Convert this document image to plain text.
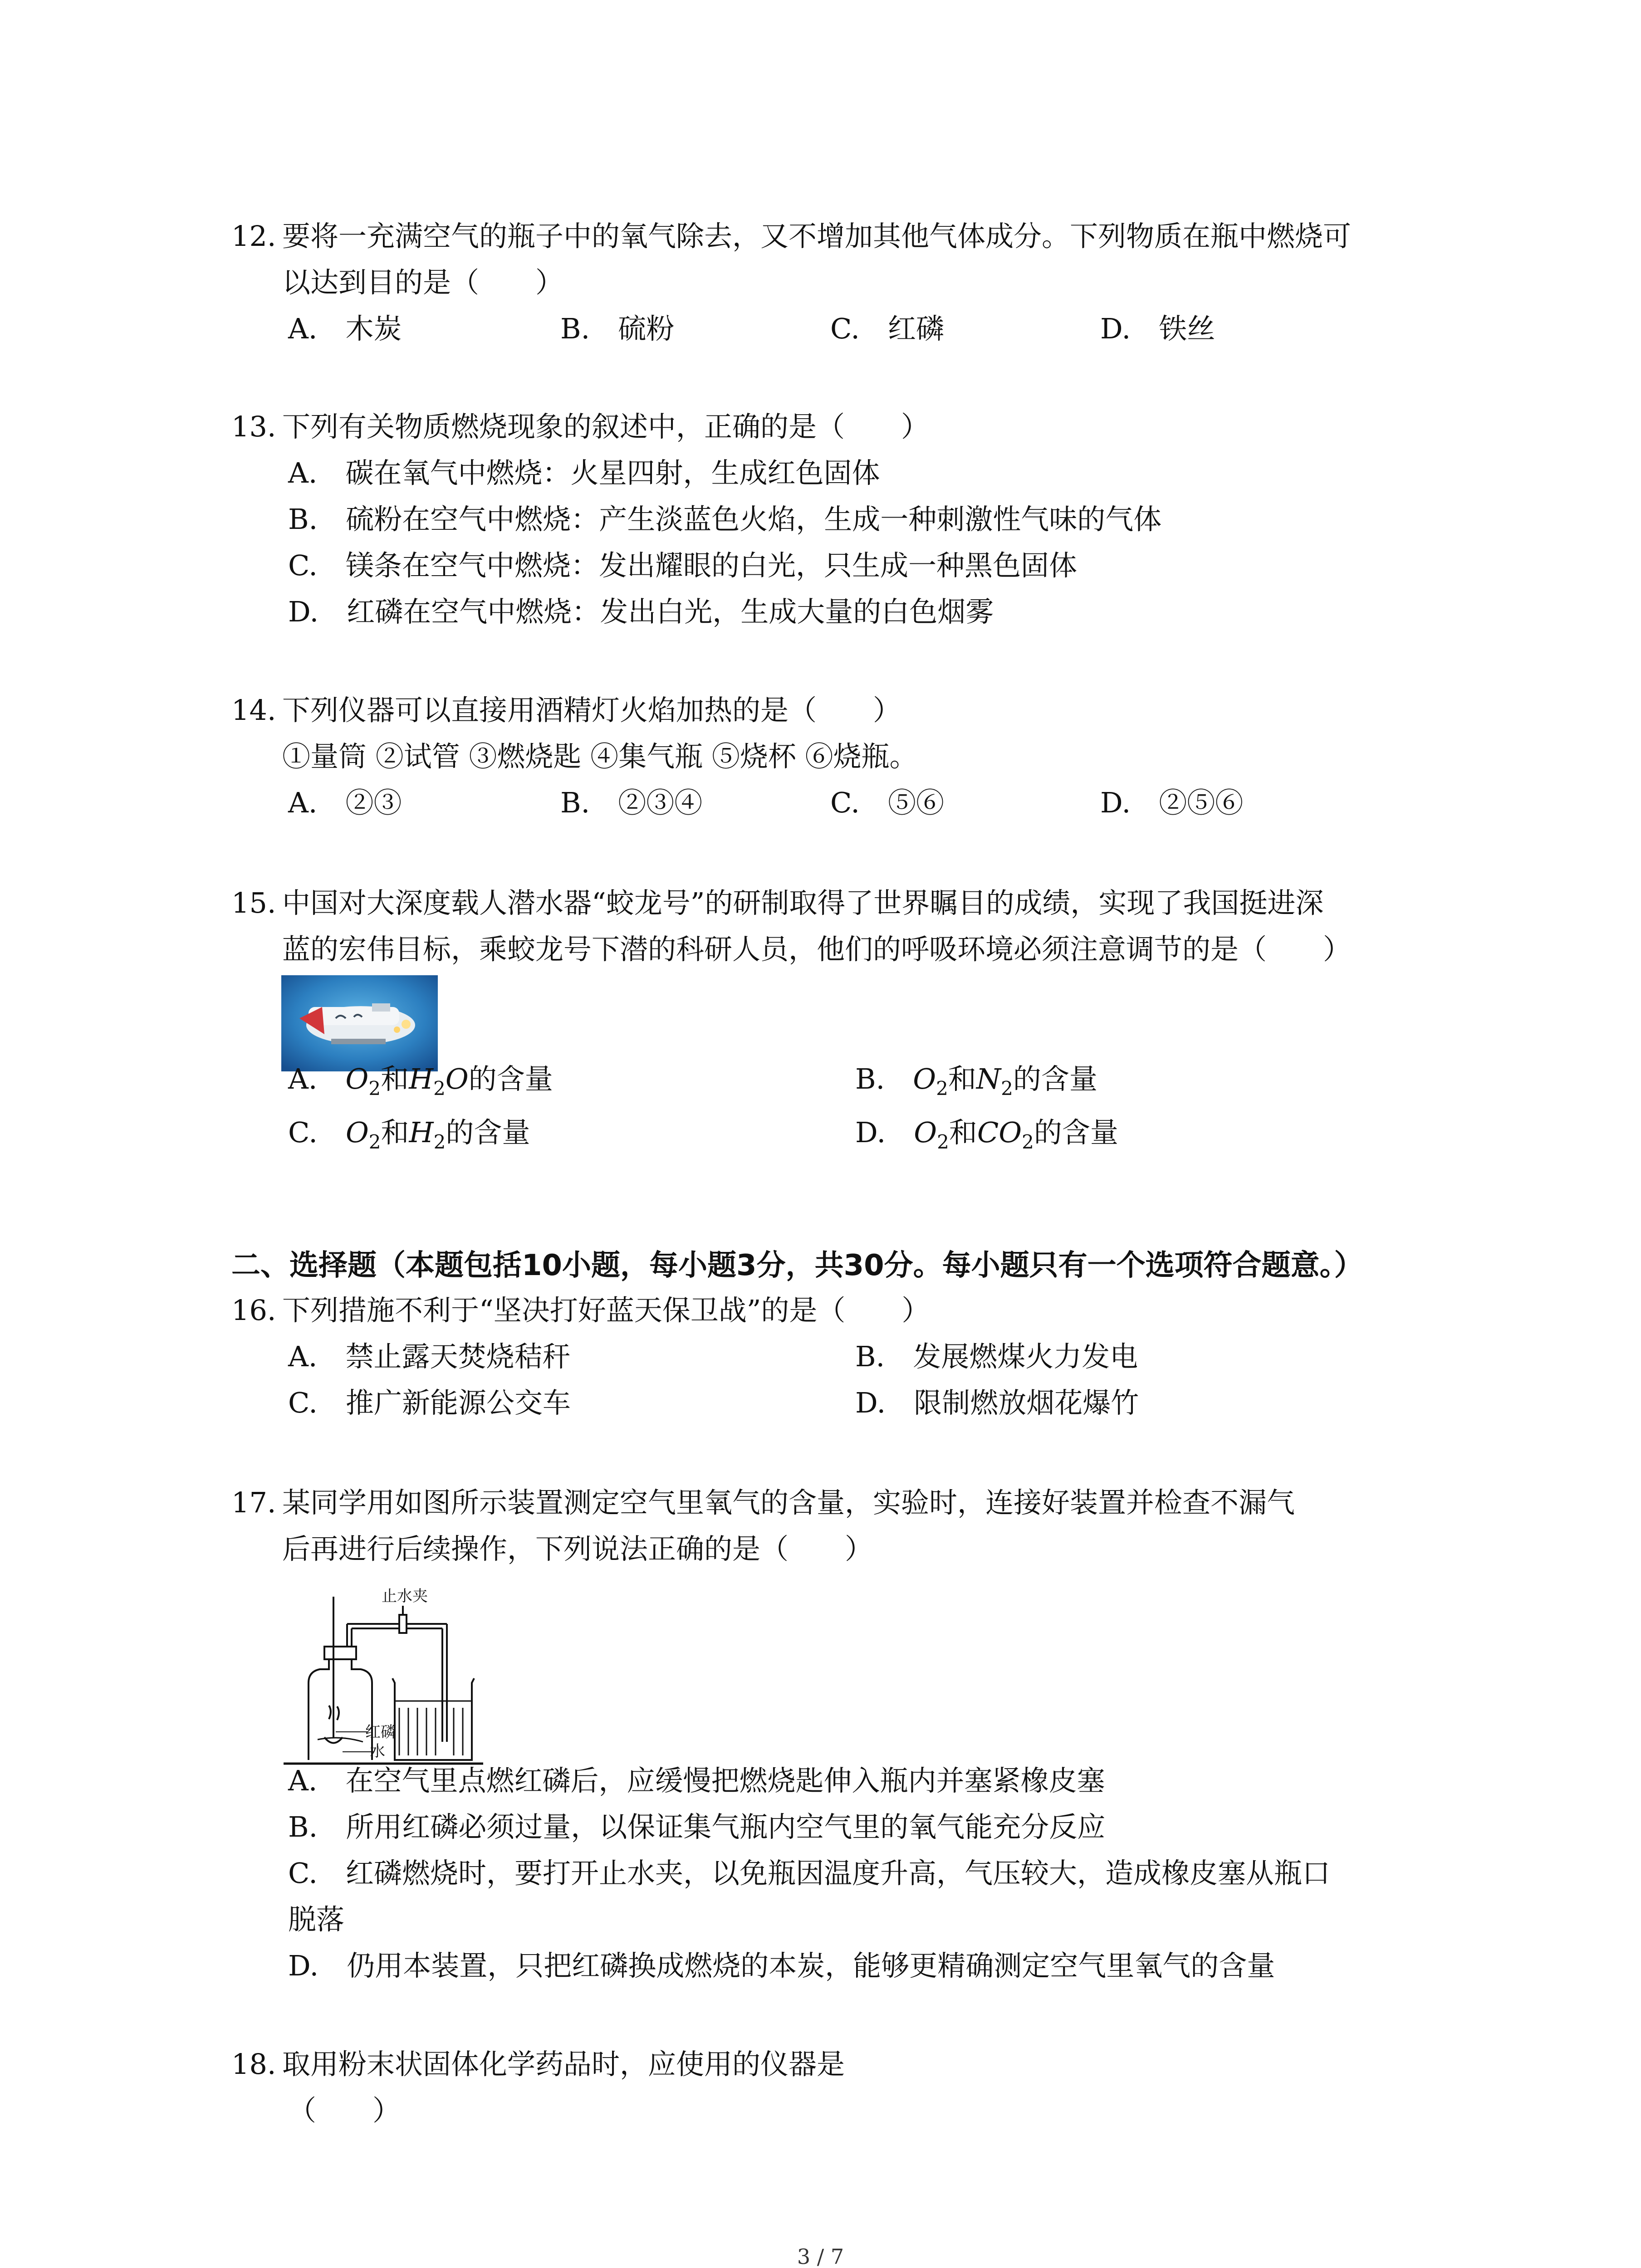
12. 要将一充满空气的瓶子中的氧气除去，又不增加其他气体成分。下列物质在瓶中燃烧可
以达到目的是（　　）
A.　 木炭	B.　 硫粉	C.　 红磷	D.　 铁丝
13. 下列有关物质燃烧现象的叙述中，正确的是（　　）
A.　 碳在氧气中燃烧：火星四射，生成红色固体
B.　 硫粉在空气中燃烧：产生淡蓝色火焰，生成一种刺激性气味的气体
C.　 镁条在空气中燃烧：发出耀眼的白光，只生成一种黑色固体
D.　 红磷在空气中燃烧：发出白光，生成大量的白色烟雾
14. 下列仪器可以直接用酒精灯火焰加热的是（　　）
①量筒 ②试管 ③燃烧匙 ④集气瓶 ⑤烧杯 ⑥烧瓶。
A.　 ②③	B.　 ②③④	C.　 ⑤⑥	D.　 ②⑤⑥
15. 中国对大深度载人潜水器“蛟龙号”的研制取得了世界瞩目的成绩，实现了我国挺进深
蓝的宏伟目标，乘蛟龙号下潜的科研人员，他们的呼吸环境必须注意调节的是（　　）
A.　 $O_2$和$H_2O$的含量	B.　 $O_2$和$N_2$的含量
C.　 $O_2$和$H_2$的含量	D.　 $O_2$和$CO_2$的含量
二、选择题（本题包括10小题，每小题3分，共30分。每小题只有一个选项符合题意。）
16. 下列措施不利于“坚决打好蓝天保卫战”的是（　　）
A.　 禁止露天焚烧秸秆	B.　 发展燃煤火力发电
C.　 推广新能源公交车	D.　 限制燃放烟花爆竹
17. 某同学用如图所示装置测定空气里氧气的含量，实验时，连接好装置并检查不漏气
后再进行后续操作，下列说法正确的是（　　）
止水夹
红磷
水
A.　 在空气里点燃红磷后，应缓慢把燃烧匙伸入瓶内并塞紧橡皮塞
B.　 所用红磷必须过量，以保证集气瓶内空气里的氧气能充分反应
C.　 红磷燃烧时，要打开止水夹，以免瓶因温度升高，气压较大，造成橡皮塞从瓶口
脱落
D.　 仍用本装置，只把红磷换成燃烧的本炭，能够更精确测定空气里氧气的含量
18. 取用粉末状固体化学药品时，应使用的仪器是
（　　）
3 / 7
